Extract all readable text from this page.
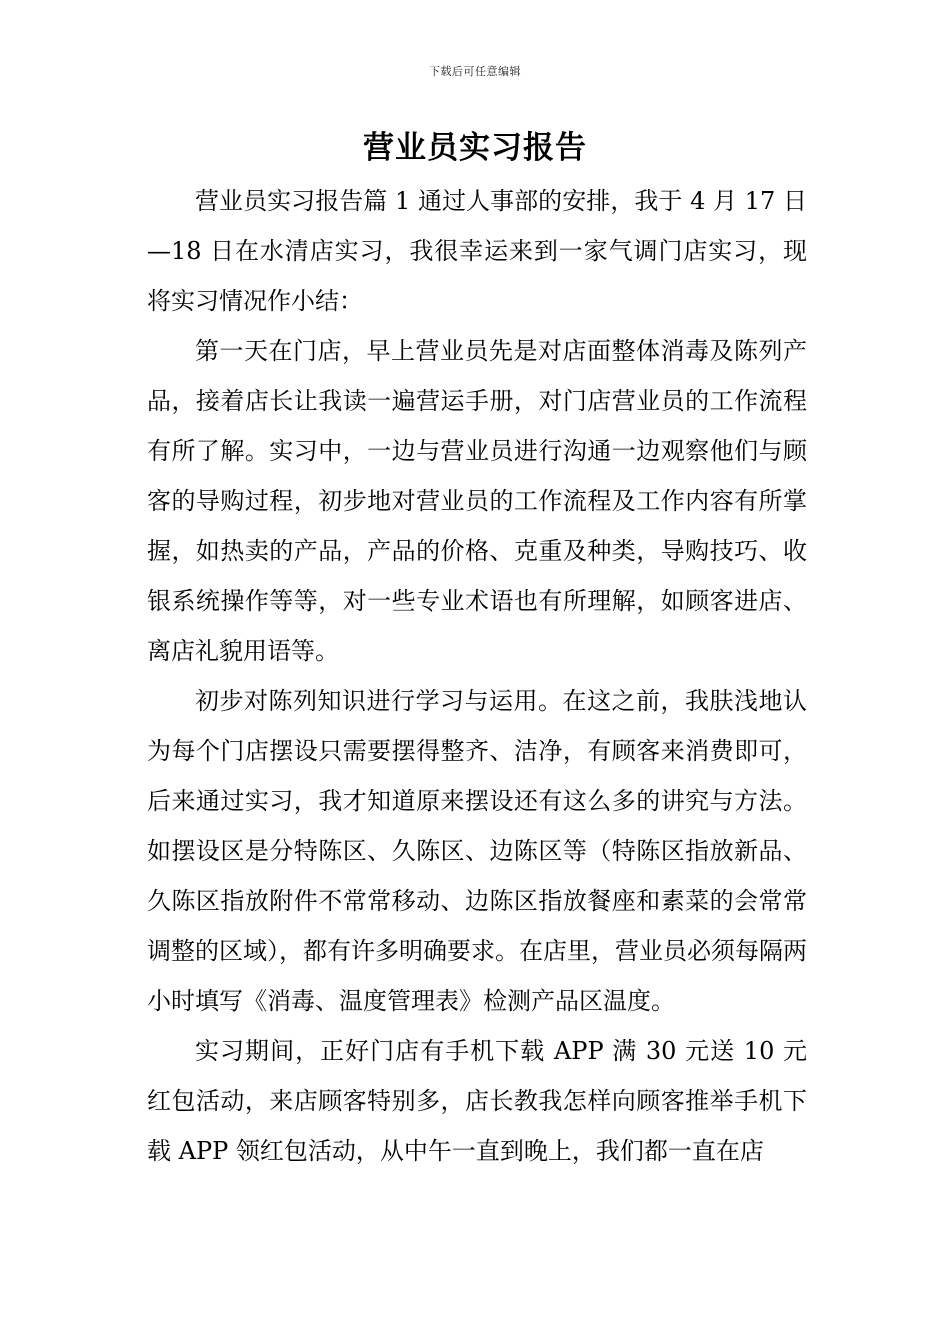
下载后可任意编辑
营业员实习报告

营业员实习报告篇 1 通过人事部的安排，我于 4 月 17 日—18 日在水清店实习，我很幸运来到一家气调门店实习，现将实习情况作小结：

第一天在门店，早上营业员先是对店面整体消毒及陈列产品，接着店长让我读一遍营运手册，对门店营业员的工作流程有所了解。实习中，一边与营业员进行沟通一边观察他们与顾客的导购过程，初步地对营业员的工作流程及工作内容有所掌握，如热卖的产品，产品的价格、克重及种类，导购技巧、收银系统操作等等，对一些专业术语也有所理解，如顾客进店、离店礼貌用语等。

初步对陈列知识进行学习与运用。在这之前，我肤浅地认为每个门店摆设只需要摆得整齐、洁净，有顾客来消费即可，后来通过实习，我才知道原来摆设还有这么多的讲究与方法。如摆设区是分特陈区、久陈区、边陈区等（特陈区指放新品、久陈区指放附件不常常移动、边陈区指放餐座和素菜的会常常调整的区域），都有许多明确要求。在店里，营业员必须每隔两小时填写《消毒、温度管理表》检测产品区温度。

实习期间，正好门店有手机下载 APP 满 30 元送 10 元红包活动，来店顾客特别多，店长教我怎样向顾客推举手机下载 APP 领红包活动，从中午一直到晚上，我们都一直在店
